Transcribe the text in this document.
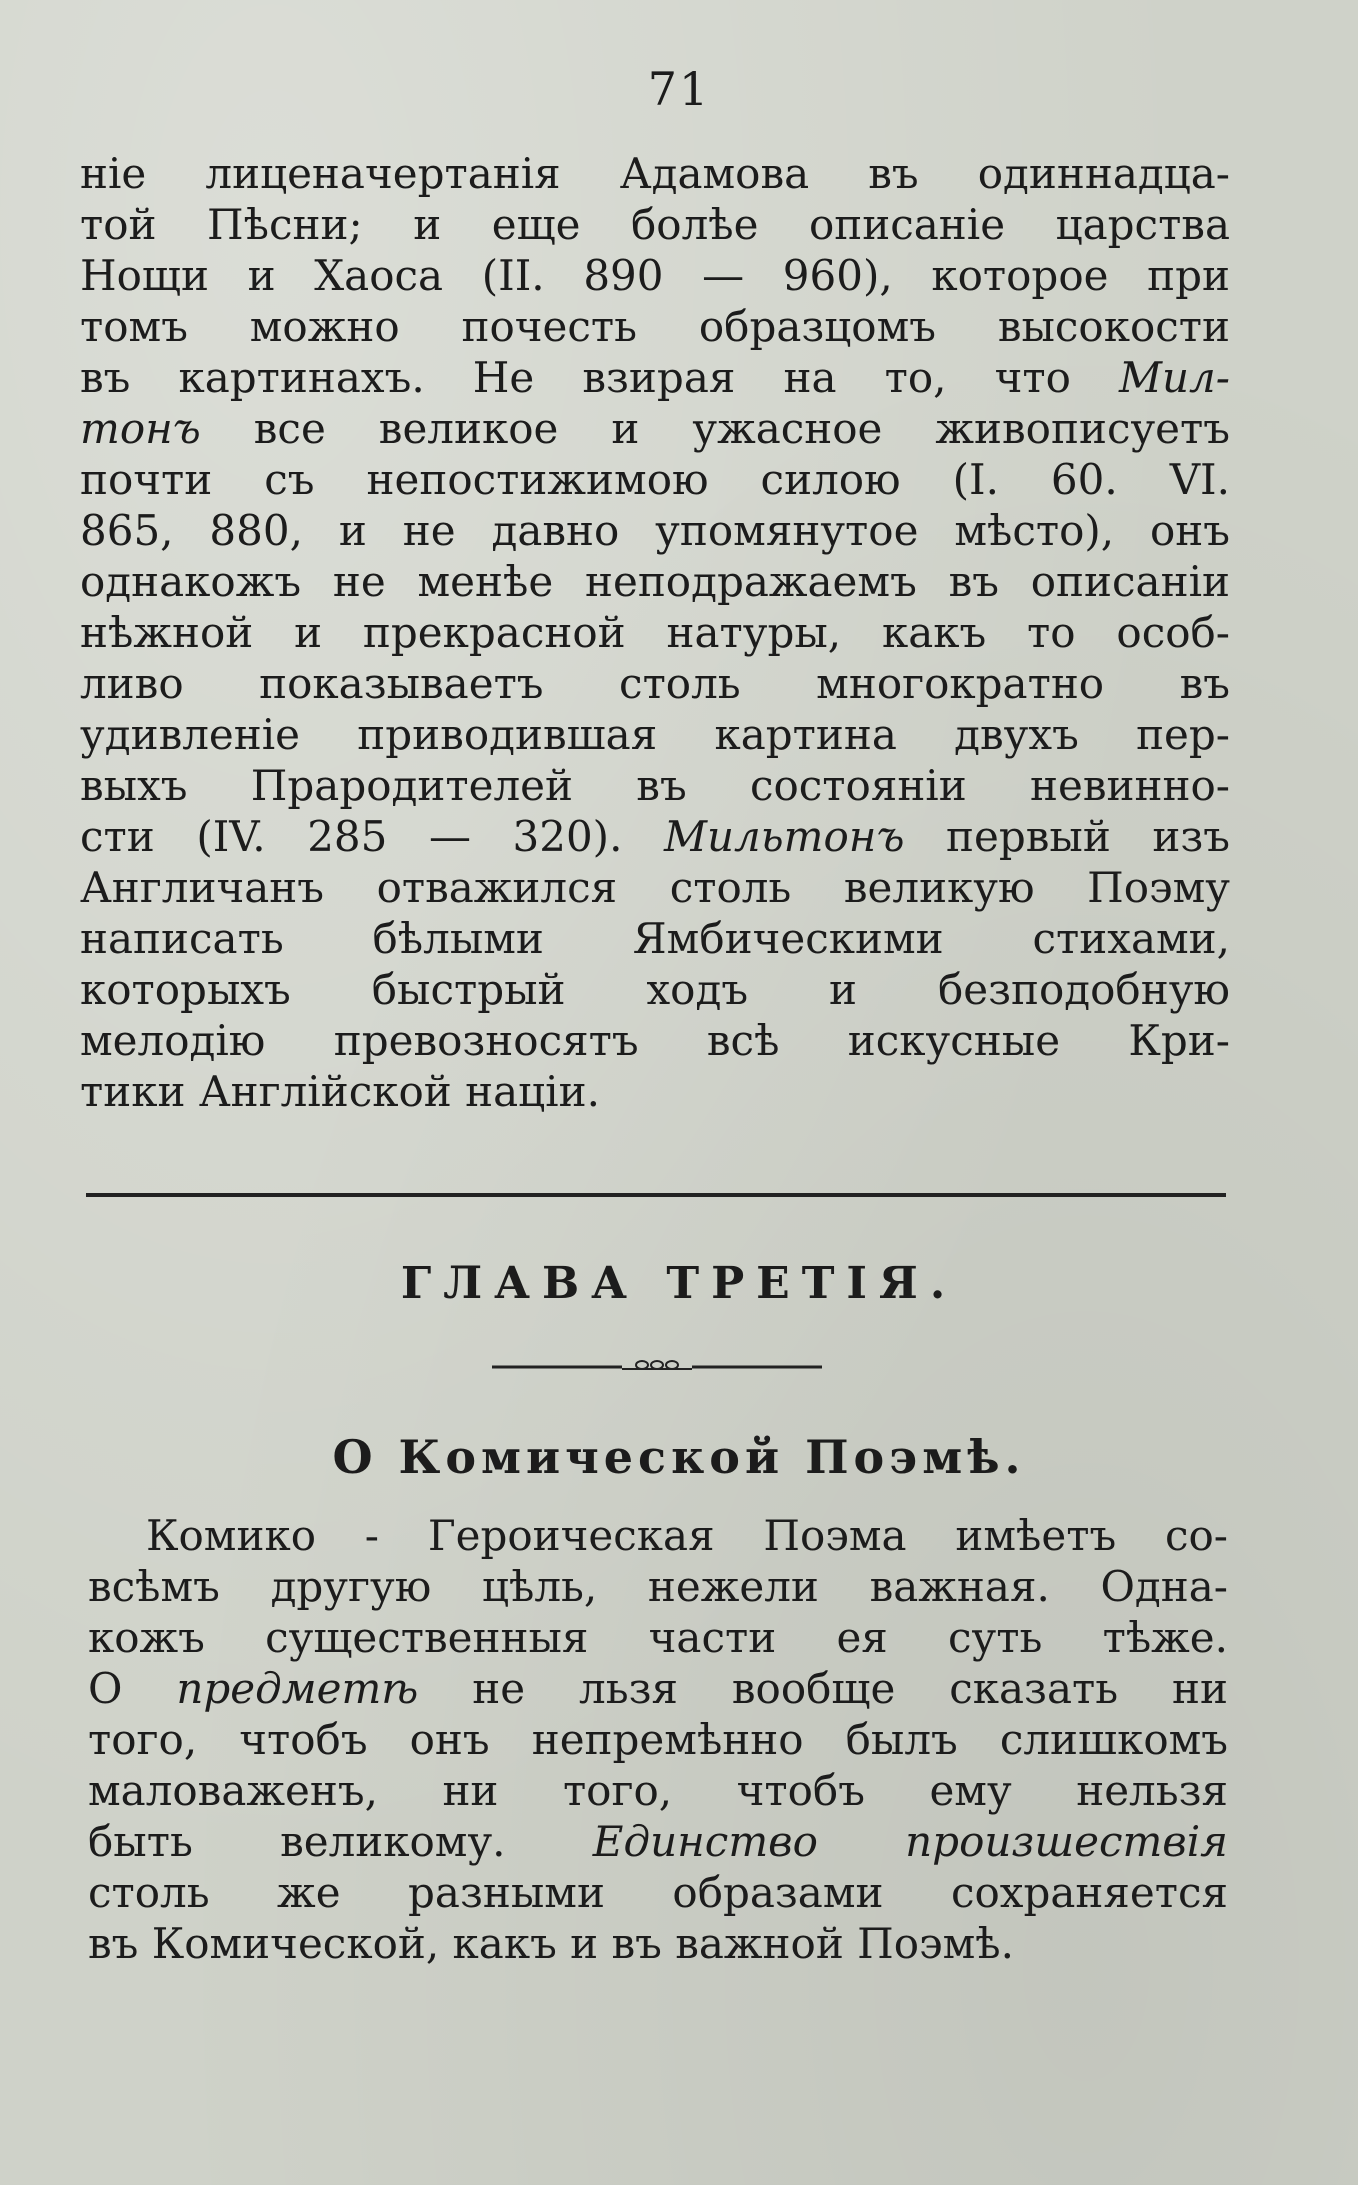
71
ніе лиценачертанія Адамова въ одиннадца-
той Пѣсни; и еще болѣе описаніе царства
Нощи и Хаоса (II. 890 — 960), которое при
томъ можно почесть образцомъ высокости
въ картинахъ. Не взирая на то, что Мил-
тонъ все великое и ужасное живописуетъ
почти съ непостижимою силою (I. 60. VI.
865, 880, и не давно упомянутое мѣсто), онъ
однакожъ не менѣе неподражаемъ въ описаніи
нѣжной и прекрасной натуры, какъ то особ-
ливо показываетъ столь многократно въ
удивленіе приводившая картина двухъ пер-
выхъ Прародителей въ состояніи невинно-
сти (IV. 285 — 320). Мильтонъ первый изъ
Англичанъ отважился столь великую Поэму
написать бѣлыми Ямбическими стихами,
которыхъ быстрый ходъ и безподобную
мелодію превозносятъ всѣ искусные Кри-
тики Англійской націи.
ГЛАВА ТРЕТІЯ.
О Комической Поэмѣ.
Комико - Героическая Поэма имѣетъ со-
всѣмъ другую цѣль, нежели важная. Одна-
кожъ существенныя части ея суть тѣже.
О предметѣ не льзя вообще сказать ни
того, чтобъ онъ непремѣнно былъ слишкомъ
маловаженъ, ни того, чтобъ ему нельзя
быть великому. Единство произшествія
столь же разными образами сохраняется
въ Комической, какъ и въ важной Поэмѣ.
